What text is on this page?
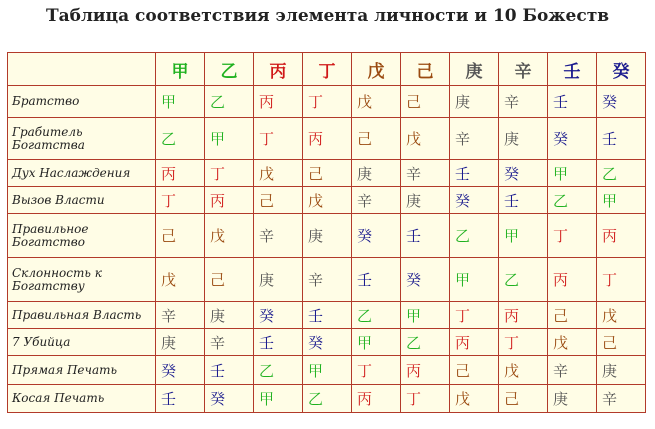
Таблица соответствия элемента личности и 10 Божеств
	甲	乙	丙	丁	戊	己	庚	辛	壬	癸
Братство	甲	乙	丙	丁	戊	己	庚	辛	壬	癸
Грабитель Богатства	乙	甲	丁	丙	己	戊	辛	庚	癸	壬
Дух Наслаждения	丙	丁	戊	己	庚	辛	壬	癸	甲	乙
Вызов Власти	丁	丙	己	戊	辛	庚	癸	壬	乙	甲
Правильное Богатство	己	戊	辛	庚	癸	壬	乙	甲	丁	丙
Склонность к Богатству	戊	己	庚	辛	壬	癸	甲	乙	丙	丁
Правильная Власть	辛	庚	癸	壬	乙	甲	丁	丙	己	戊
7 Убийца	庚	辛	壬	癸	甲	乙	丙	丁	戊	己
Прямая Печать	癸	壬	乙	甲	丁	丙	己	戊	辛	庚
Косая Печать	壬	癸	甲	乙	丙	丁	戊	己	庚	辛
